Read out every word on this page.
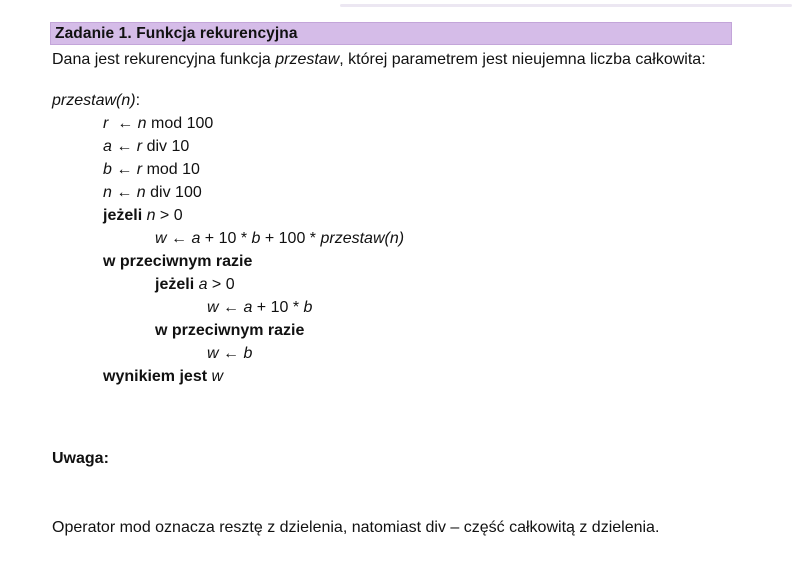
Zadanie 1. Funkcja rekurencyjna
Dana jest rekurencyjna funkcja przestaw, której parametrem jest nieujemna liczba całkowita:
przestaw(n):
r  ← n mod 100
a ← r div 10
b ← r mod 10
n ← n div 100
jeżeli n > 0
w ← a + 10 * b + 100 * przestaw(n)
w przeciwnym razie
jeżeli a > 0
w ← a + 10 * b
w przeciwnym razie
w ← b
wynikiem jest w

Uwaga:

Operator mod oznacza resztę z dzielenia, natomiast div – część całkowitą z dzielenia.
